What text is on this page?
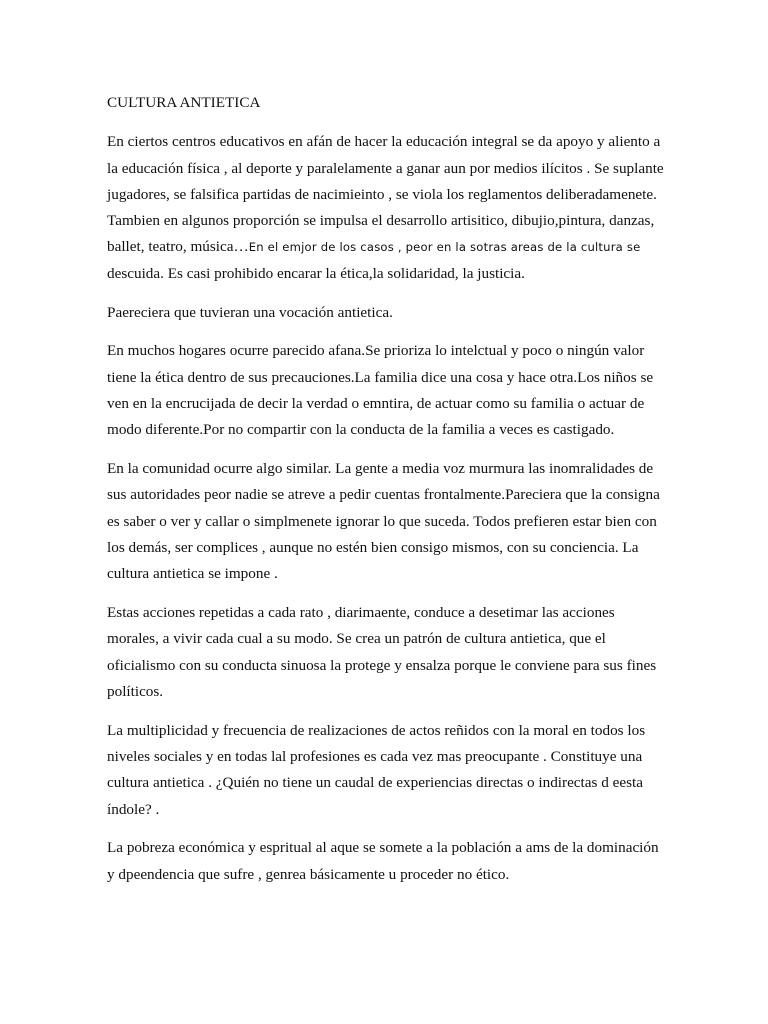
CULTURA ANTIETICA

En ciertos centros educativos en afán de hacer la educación integral se da apoyo y aliento a
la educación física , al deporte y paralelamente a ganar aun por medios ilícitos . Se suplante
jugadores, se falsifica partidas de nacimieinto , se viola los reglamentos deliberadamenete.
Tambien en algunos proporción se impulsa el desarrollo artisitico, dibujio,pintura, danzas,
ballet, teatro, música…En el emjor de los casos , peor en la sotras areas de la cultura se
descuida. Es casi prohibido encarar la ética,la solidaridad, la justicia.

Paereciera que tuvieran una vocación antietica.

En muchos hogares ocurre parecido afana.Se prioriza lo intelctual y poco o ningún valor
tiene la ética dentro de sus precauciones.La familia dice una cosa y hace otra.Los niños se
ven en la encrucijada de decir la verdad o emntira, de actuar como su familia o actuar de
modo diferente.Por no compartir con la conducta de la familia a veces es castigado.

En la comunidad ocurre algo similar. La gente a media voz murmura las inomralidades de
sus autoridades peor nadie se atreve a pedir cuentas frontalmente.Pareciera que la consigna
es saber o ver y callar o simplmenete ignorar lo que suceda. Todos prefieren estar bien con
los demás, ser complices , aunque no estén bien consigo mismos, con su conciencia. La
cultura antietica se impone .

Estas acciones repetidas a cada rato , diarimaente, conduce a desetimar las acciones
morales, a vivir cada cual a su modo. Se crea un patrón de cultura antietica, que el
oficialismo con su conducta sinuosa la protege y ensalza porque le conviene para sus fines
políticos.

La multiplicidad y frecuencia de realizaciones de actos reñidos con la moral en todos los
niveles sociales y en todas lal profesiones es cada vez mas preocupante . Constituye una
cultura antietica . ¿Quién no tiene un caudal de experiencias directas o indirectas d eesta
índole? .

La pobreza económica y espritual al aque se somete a la población a ams de la dominación
y dpeendencia que sufre , genrea básicamente u proceder no ético.
